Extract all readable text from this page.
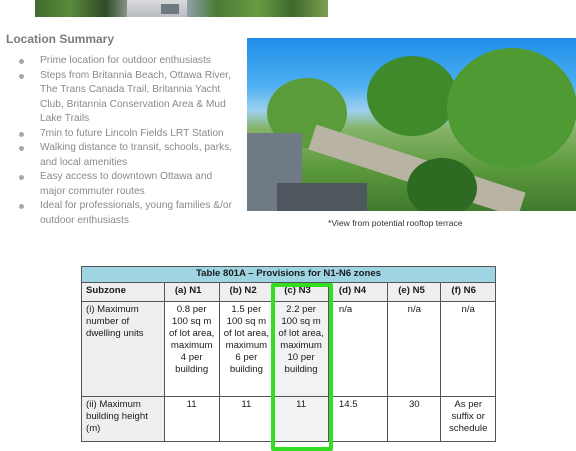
Location Summary
Prime location for outdoor enthusiasts
Steps from Britannia Beach, Ottawa River, The Trans Canada Trail, Britannia Yacht Club, Britannia Conservation Area & Mud Lake Trails
7min to future Lincoln Fields LRT Station
Walking distance to transit, schools, parks, and local amenities
Easy access to downtown Ottawa and major commuter routes
Ideal for professionals, young families &/or outdoor enthusiasts	*View from potential rooftop terrace
Table 801A – Provisions for N1-N6 zones						
Subzone	(a) N1	(b) N2	(c) N3	(d) N4	(e) N5	(f) N6
(i) Maximum number of dwelling units	0.8 per 100 sq m of lot area, maximum 4 per building	1.5 per 100 sq m of lot area, maximum 6 per building	2.2 per 100 sq m of lot area, maximum 10 per building	n/a	n/a	n/a
(ii) Maximum building height (m)	11	11	11	14.5	30	As per suffix or schedule
